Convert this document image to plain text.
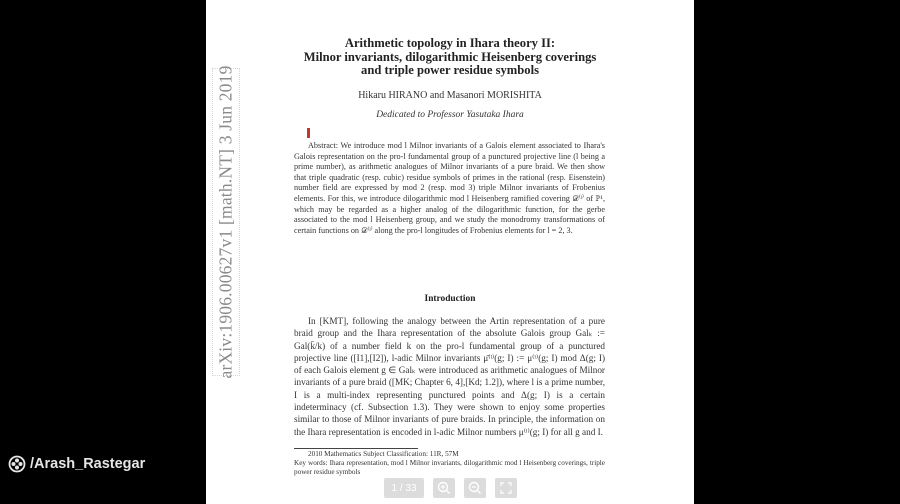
arXiv:1906.00627v1 [math.NT] 3 Jun 2019
Arithmetic topology in Ihara theory II:
Milnor invariants, dilogarithmic Heisenberg coverings
and triple power residue symbols
Hikaru HIRANO and Masanori MORISHITA
Dedicated to Professor Yasutaka Ihara

Abstract: We introduce mod l Milnor invariants of a Galois element associated to Ihara's Galois representation on the pro-l fundamental group of a punctured projective line (l being a prime number), as arithmetic analogues of Milnor invariants of a pure braid. We then show that triple quadratic (resp. cubic) residue symbols of primes in the rational (resp. Eisenstein) number field are expressed by mod 2 (resp. mod 3) triple Milnor invariants of Frobenius elements. For this, we introduce dilogarithmic mod l Heisenberg ramified covering 𝒟⁽ˡ⁾ of ℙ¹, which may be regarded as a higher analog of the dilogarithmic function, for the gerbe associated to the mod l Heisenberg group, and we study the monodromy transformations of certain functions on 𝒟⁽ˡ⁾ along the pro-l longitudes of Frobenius elements for l = 2, 3.

Introduction

In [KMT], following the analogy between the Artin representation of a pure braid group and the Ihara representation of the absolute Galois group Galₖ := Gal(k̄/k) of a number field k on the pro-l fundamental group of a punctured projective line ([I1],[I2]), l-adic Milnor invariants μ̄⁽ˡ⁾(g; I) := μ⁽ˡ⁾(g; I) mod Δ(g; I) of each Galois element g ∈ Galₖ were introduced as arithmetic analogues of Milnor invariants of a pure braid ([MK; Chapter 6, 4],[Kd; 1.2]), where l is a prime number, I is a multi-index representing punctured points and Δ(g; I) is a certain indeterminacy (cf. Subsection 1.3). They were shown to enjoy some properties similar to those of Milnor invariants of pure braids. In principle, the information on the Ihara representation is encoded in l-adic Milnor numbers μ⁽ˡ⁾(g; I) for all g and I.

2010 Mathematics Subject Classification: 11R, 57M
Key words: Ihara representation, mod l Milnor invariants, dilogarithmic mod l Heisenberg coverings, triple power residue symbols
1 / 33
/Arash_Rastegar
